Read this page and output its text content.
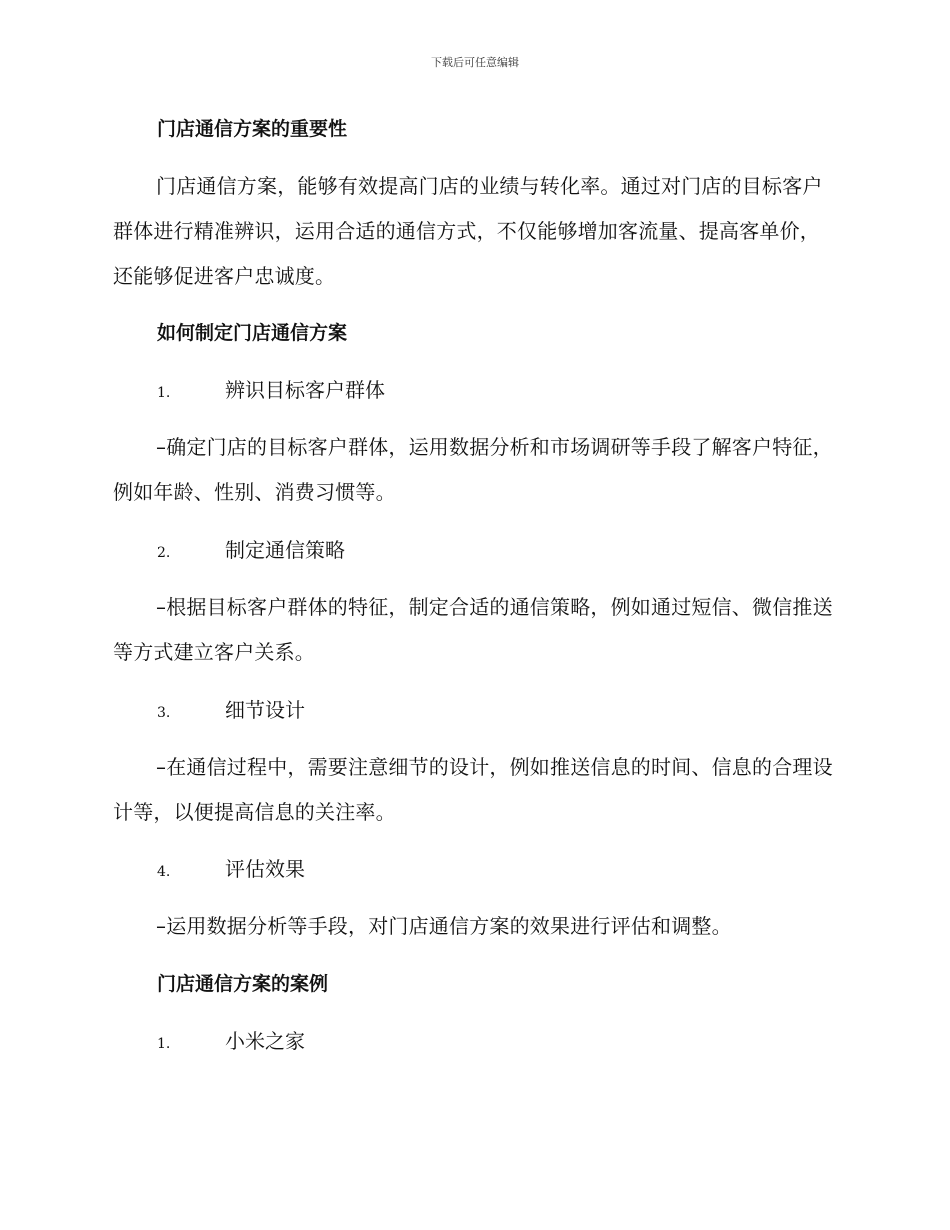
下载后可任意编辑
门店通信方案的重要性
门店通信方案，能够有效提高门店的业绩与转化率。通过对门店的目标客户群体进行精准辨识，运用合适的通信方式，不仅能够增加客流量、提高客单价，还能够促进客户忠诚度。
如何制定门店通信方案
1.	辨识目标客户群体
–确定门店的目标客户群体，运用数据分析和市场调研等手段了解客户特征，例如年龄、性别、消费习惯等。
2.	制定通信策略
–根据目标客户群体的特征，制定合适的通信策略，例如通过短信、微信推送等方式建立客户关系。
3.	细节设计
–在通信过程中，需要注意细节的设计，例如推送信息的时间、信息的合理设计等，以便提高信息的关注率。
4.	评估效果
–运用数据分析等手段，对门店通信方案的效果进行评估和调整。
门店通信方案的案例
1.	小米之家
